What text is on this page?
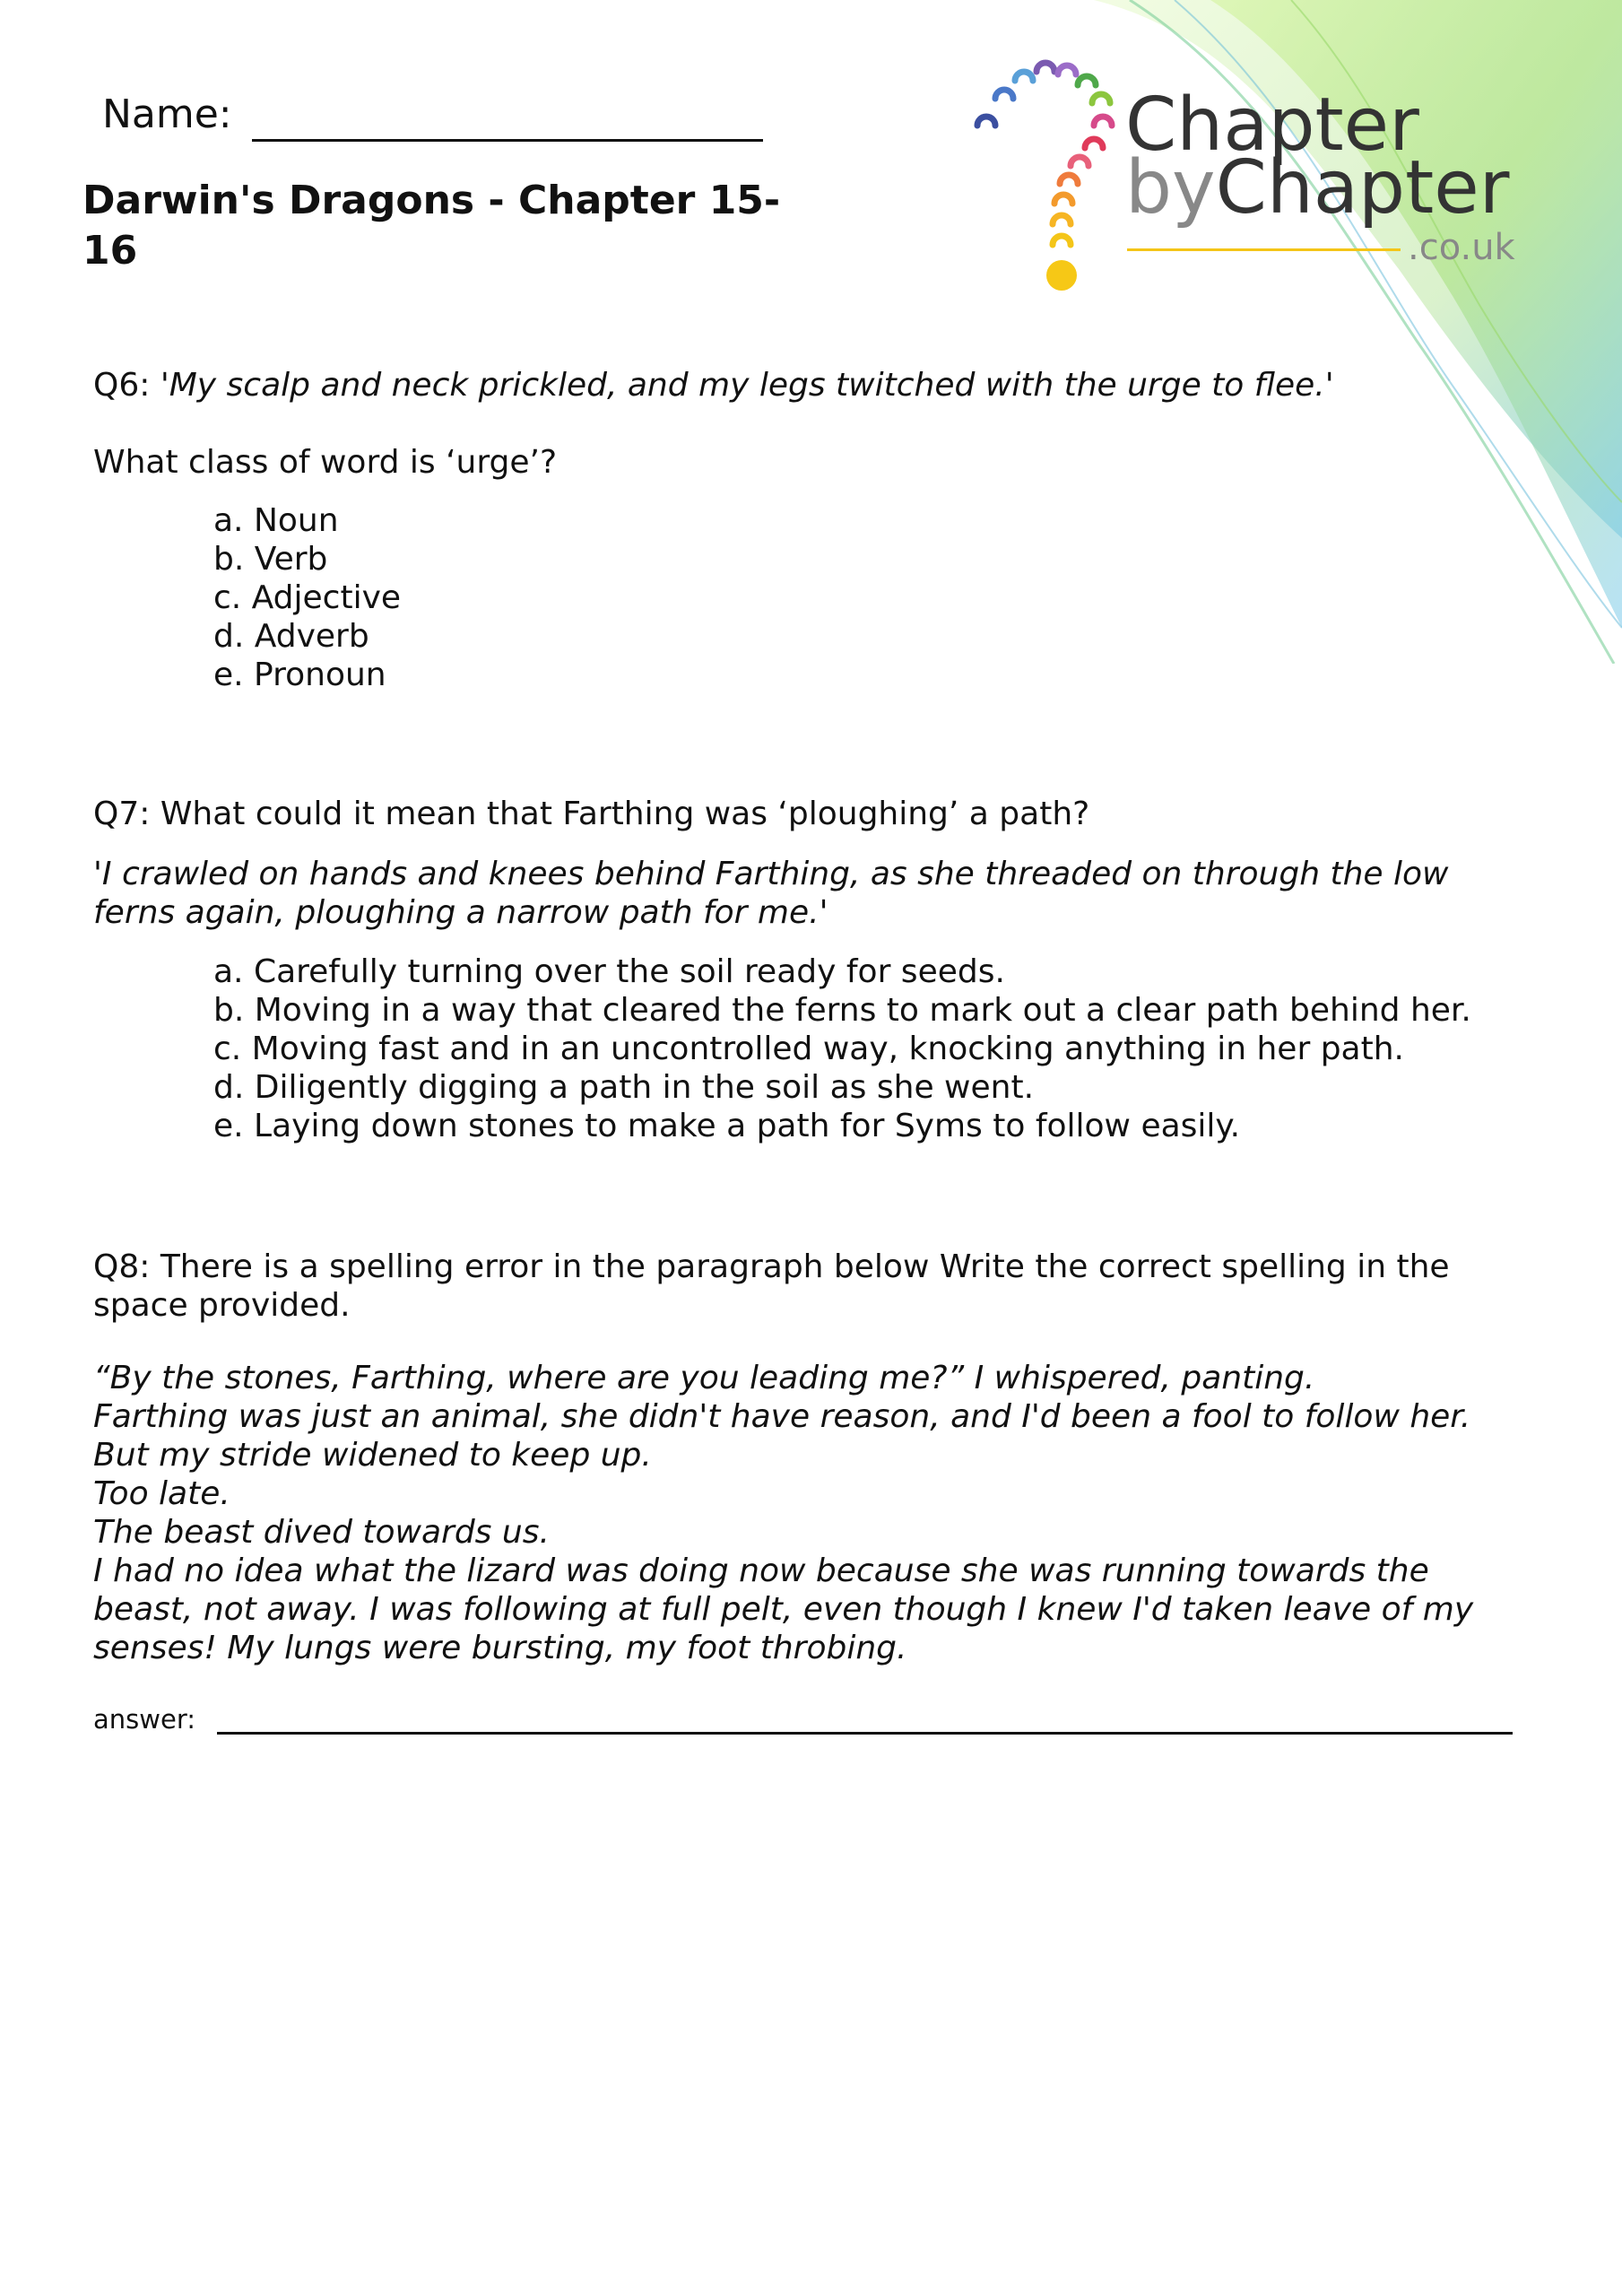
Name:
Darwin's Dragons - Chapter 15-16
Chapter
byChapter
.co.uk

Q6: 'My scalp and neck prickled, and my legs twitched with the urge to flee.'

What class of word is ‘urge’?

a. Noun
b. Verb
c. Adjective
d. Adverb
e. Pronoun

Q7: What could it mean that Farthing was ‘ploughing’ a path?

'I crawled on hands and knees behind Farthing, as she threaded on through the low
ferns again, ploughing a narrow path for me.'
a. Carefully turning over the soil ready for seeds.
b. Moving in a way that cleared the ferns to mark out a clear path behind her.
c. Moving fast and in an uncontrolled way, knocking anything in her path.
d. Diligently digging a path in the soil as she went.
e. Laying down stones to make a path for Syms to follow easily.
Q8: There is a spelling error in the paragraph below Write the correct spelling in the
space provided.
“By the stones, Farthing, where are you leading me?” I whispered, panting.
Farthing was just an animal, she didn't have reason, and I'd been a fool to follow her.
But my stride widened to keep up.
Too late.
The beast dived towards us.
I had no idea what the lizard was doing now because she was running towards the
beast, not away. I was following at full pelt, even though I knew I'd taken leave of my
senses! My lungs were bursting, my foot throbing.
answer:
